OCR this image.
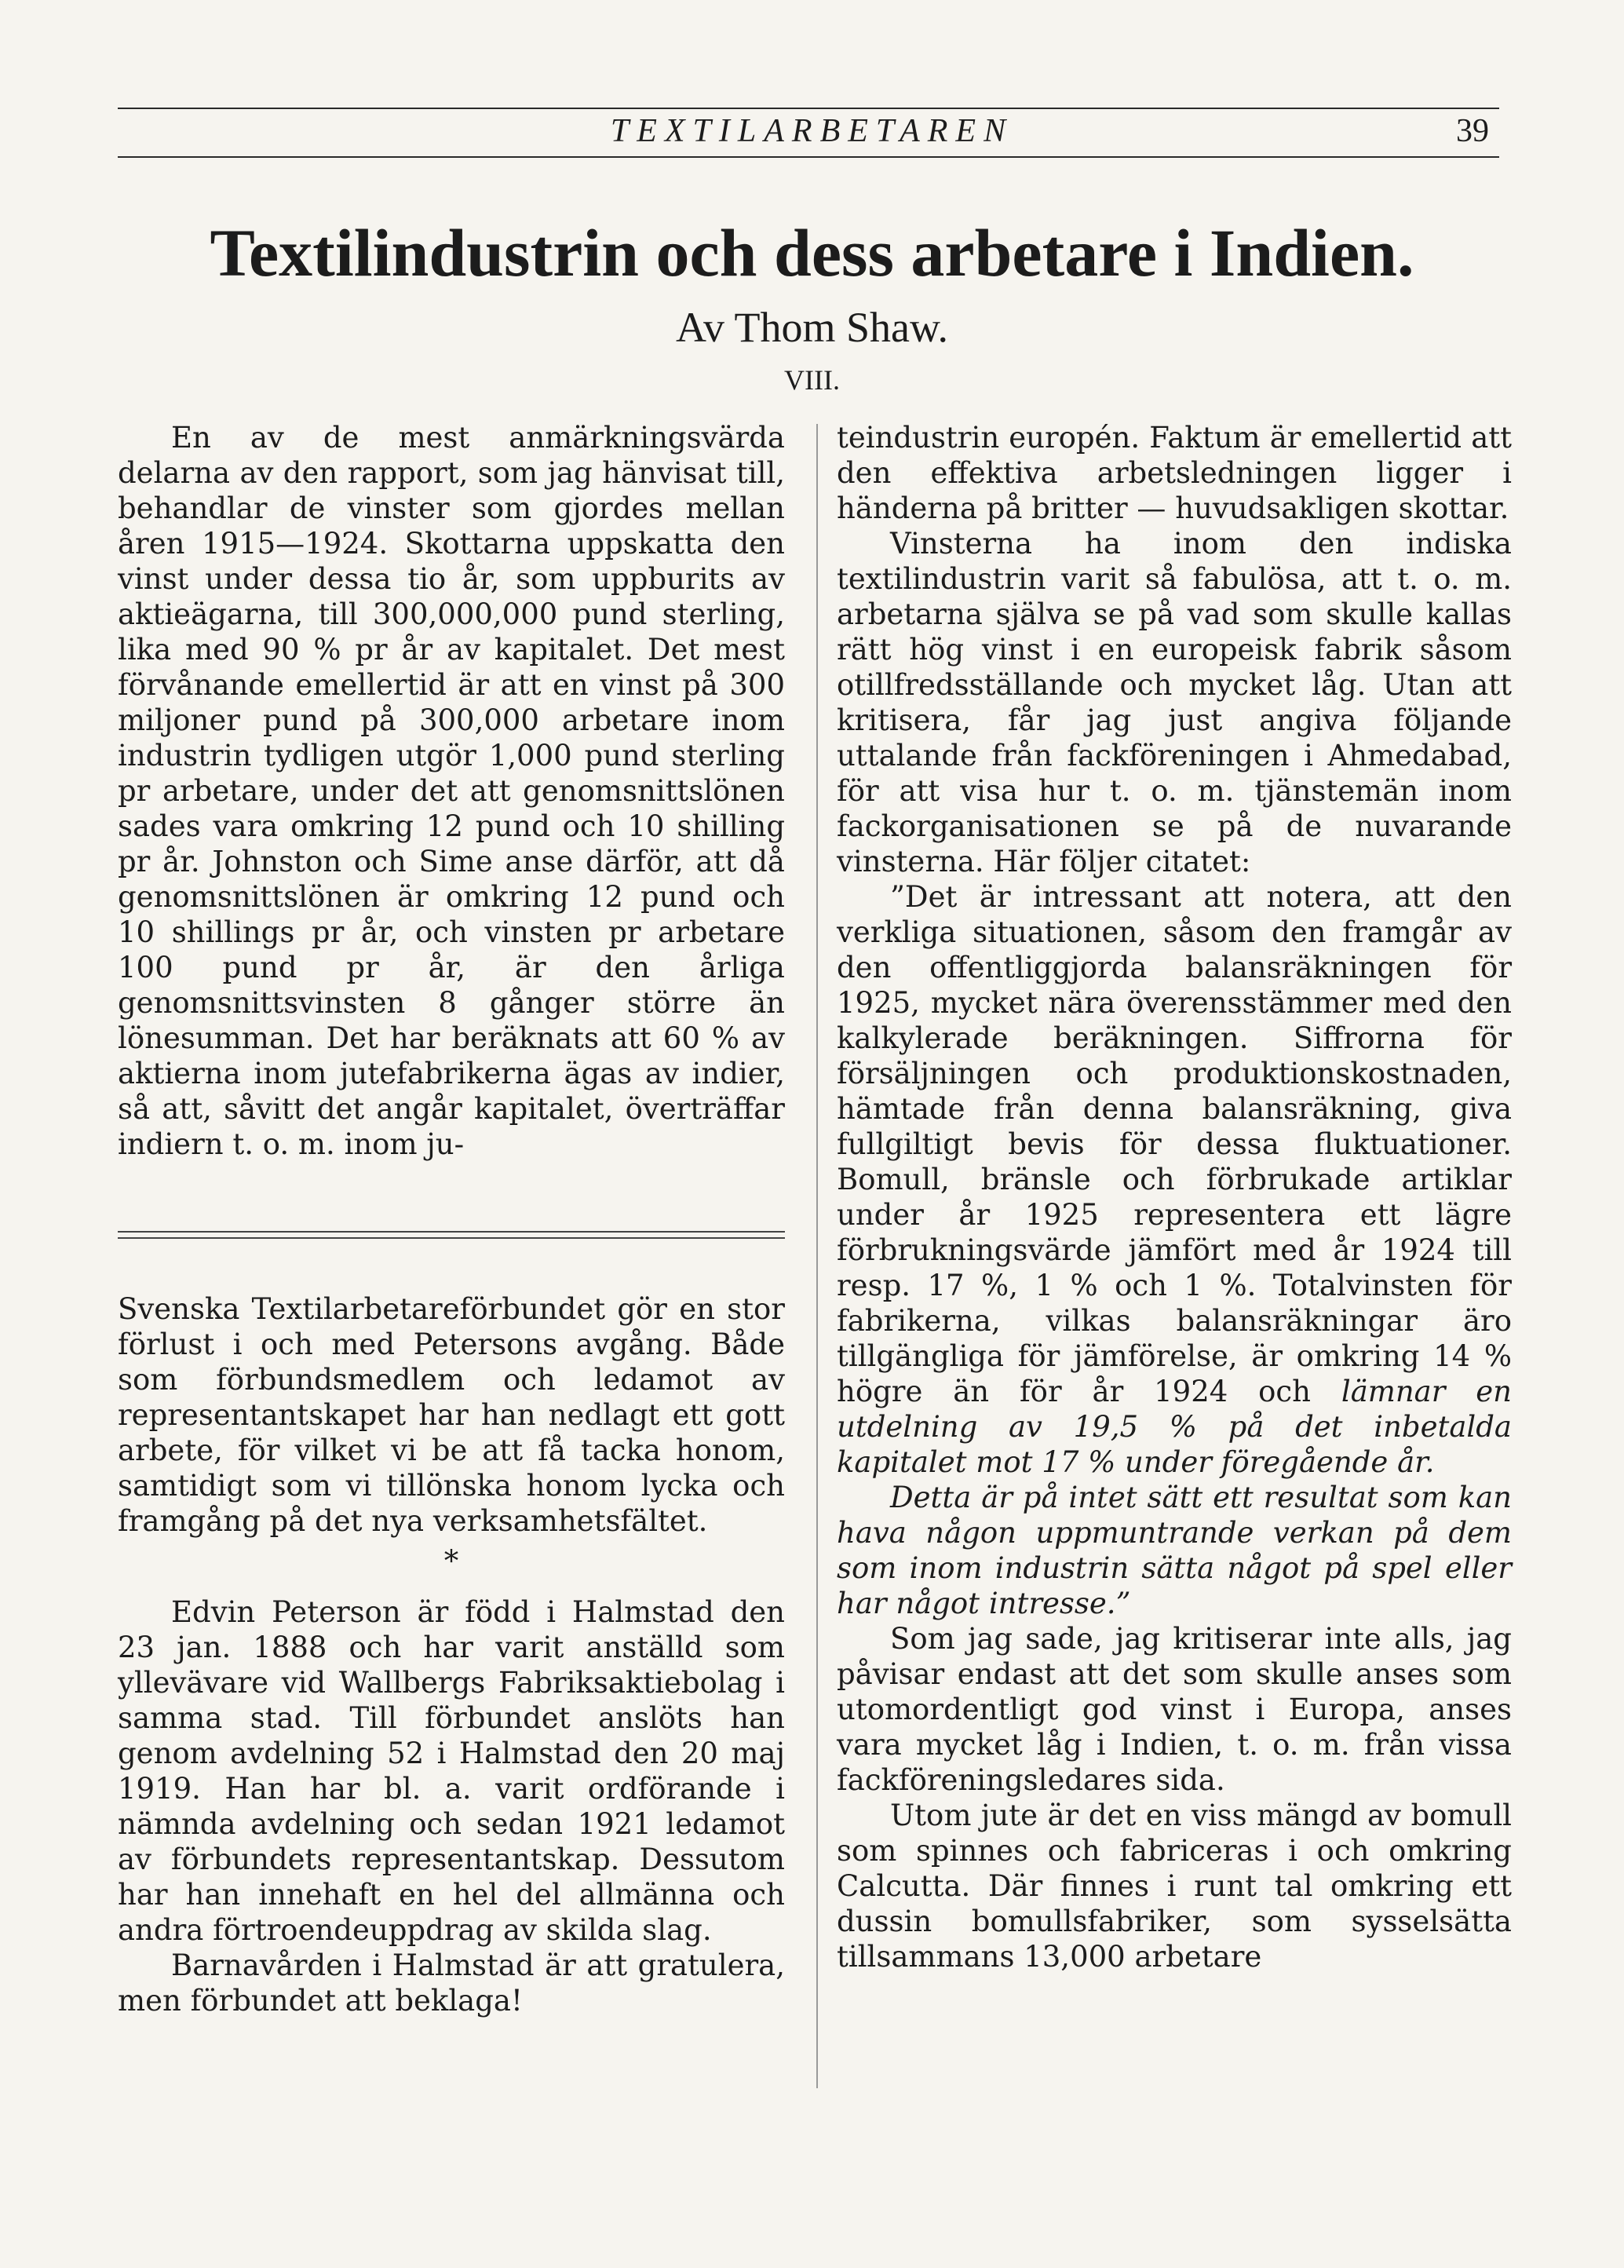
TEXTILARBETAREN	39
Textilindustrin och dess arbetare i Indien.
Av Thom Shaw.
VIII.

En av de mest anmärkningsvärda delarna av den rapport, som jag hänvisat till, behandlar de vinster som gjordes mellan åren 1915—1924. Skottarna uppskatta den vinst under dessa tio år, som uppburits av aktieägarna, till 300,000,000 pund sterling, lika med 90 % pr år av kapitalet. Det mest förvånande emellertid är att en vinst på 300 miljoner pund på 300,000 arbetare inom industrin tydligen utgör 1,000 pund sterling pr arbetare, under det att genomsnittslönen sades vara omkring 12 pund och 10 shilling pr år. Johnston och Sime anse därför, att då genomsnittslönen är omkring 12 pund och 10 shillings pr år, och vinsten pr arbetare 100 pund pr år, är den årliga genomsnittsvinsten 8 gånger större än lönesumman. Det har beräknats att 60 % av aktierna inom jutefabrikerna ägas av indier, så att, såvitt det angår kapitalet, överträffar indiern t. o. m. inom ju-

Svenska Textilarbetareförbundet gör en stor förlust i och med Petersons avgång. Både som förbundsmedlem och ledamot av representantskapet har han nedlagt ett gott arbete, för vilket vi be att få tacka honom, samtidigt som vi tillönska honom lycka och framgång på det nya verksamhetsfältet.

*

Edvin Peterson är född i Halmstad den 23 jan. 1888 och har varit anställd som yllevävare vid Wallbergs Fabriksaktiebolag i samma stad. Till förbundet anslöts han genom avdelning 52 i Halmstad den 20 maj 1919. Han har bl. a. varit ordförande i nämnda avdelning och sedan 1921 ledamot av förbundets representantskap. Dessutom har han innehaft en hel del allmänna och andra förtroendeuppdrag av skilda slag.

Barnavården i Halmstad är att gratulera, men förbundet att beklaga!

teindustrin europén. Faktum är emellertid att den effektiva arbetsledningen ligger i händerna på britter — huvudsakligen skottar.

Vinsterna ha inom den indiska textilindustrin varit så fabulösa, att t. o. m. arbetarna själva se på vad som skulle kallas rätt hög vinst i en europeisk fabrik såsom otillfredsställande och mycket låg. Utan att kritisera, får jag just angiva följande uttalande från fackföreningen i Ahmedabad, för att visa hur t. o. m. tjänstemän inom fackorganisationen se på de nuvarande vinsterna. Här följer citatet:

”Det är intressant att notera, att den verkliga situationen, såsom den framgår av den offentliggjorda balansräkningen för 1925, mycket nära överensstämmer med den kalkylerade beräkningen. Siffrorna för försäljningen och produktionskostnaden, hämtade från denna balansräkning, giva fullgiltigt bevis för dessa fluktuationer. Bomull, bränsle och förbrukade artiklar under år 1925 representera ett lägre förbrukningsvärde jämfört med år 1924 till resp. 17 %, 1 % och 1 %. Totalvinsten för fabrikerna, vilkas balansräkningar äro tillgängliga för jämförelse, är omkring 14 % högre än för år 1924 och lämnar en utdelning av 19,5 % på det inbetalda kapitalet mot 17 % under föregående år.

Detta är på intet sätt ett resultat som kan hava någon uppmuntrande verkan på dem som inom industrin sätta något på spel eller har något intresse.”

Som jag sade, jag kritiserar inte alls, jag påvisar endast att det som skulle anses som utomordentligt god vinst i Europa, anses vara mycket låg i Indien, t. o. m. från vissa fackföreningsledares sida.

Utom jute är det en viss mängd av bomull som spinnes och fabriceras i och omkring Calcutta. Där finnes i runt tal omkring ett dussin bomullsfabriker, som sysselsätta tillsammans 13,000 arbetare
